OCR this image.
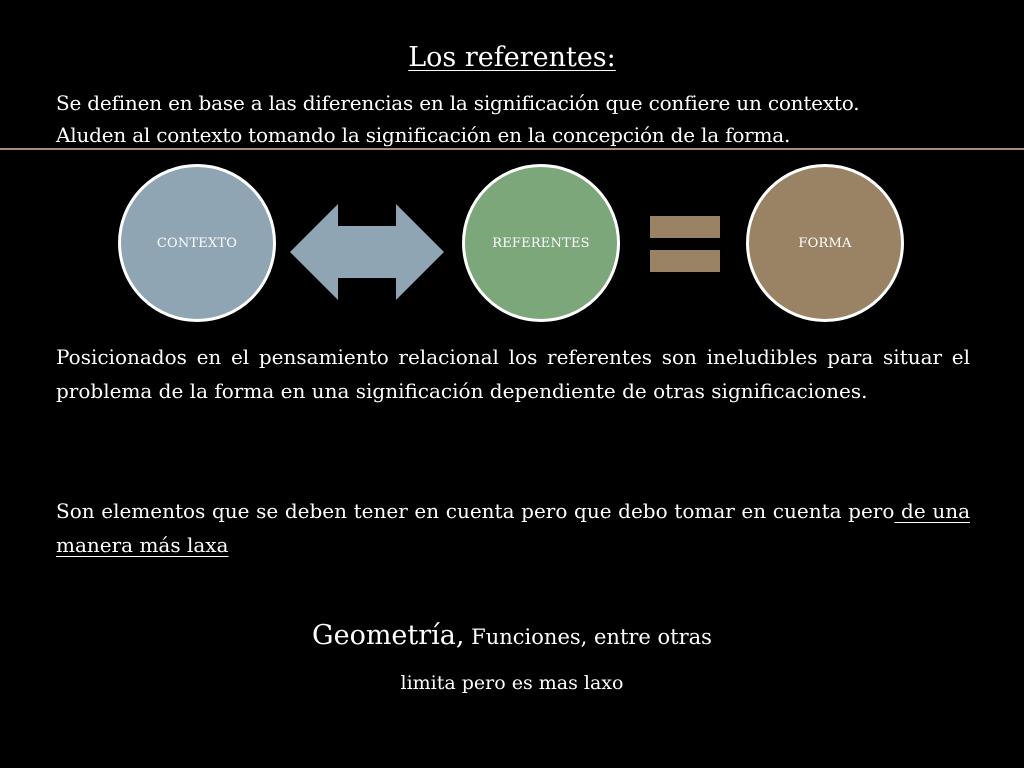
Los referentes:

Se definen en base a las diferencias en la significación que confiere un contexto.

Aluden al contexto tomando la significación en la concepción de la forma.

CONTEXTO	REFERENTES	FORMA
Posicionados en el pensamiento relacional los referentes son ineludibles para situar el problema de la forma en una significación dependiente de otras significaciones.
Son elementos que se deben tener en cuenta pero que debo tomar en cuenta pero de una manera más laxa
Geometría, Funciones, entre otras
limita pero es mas laxo
